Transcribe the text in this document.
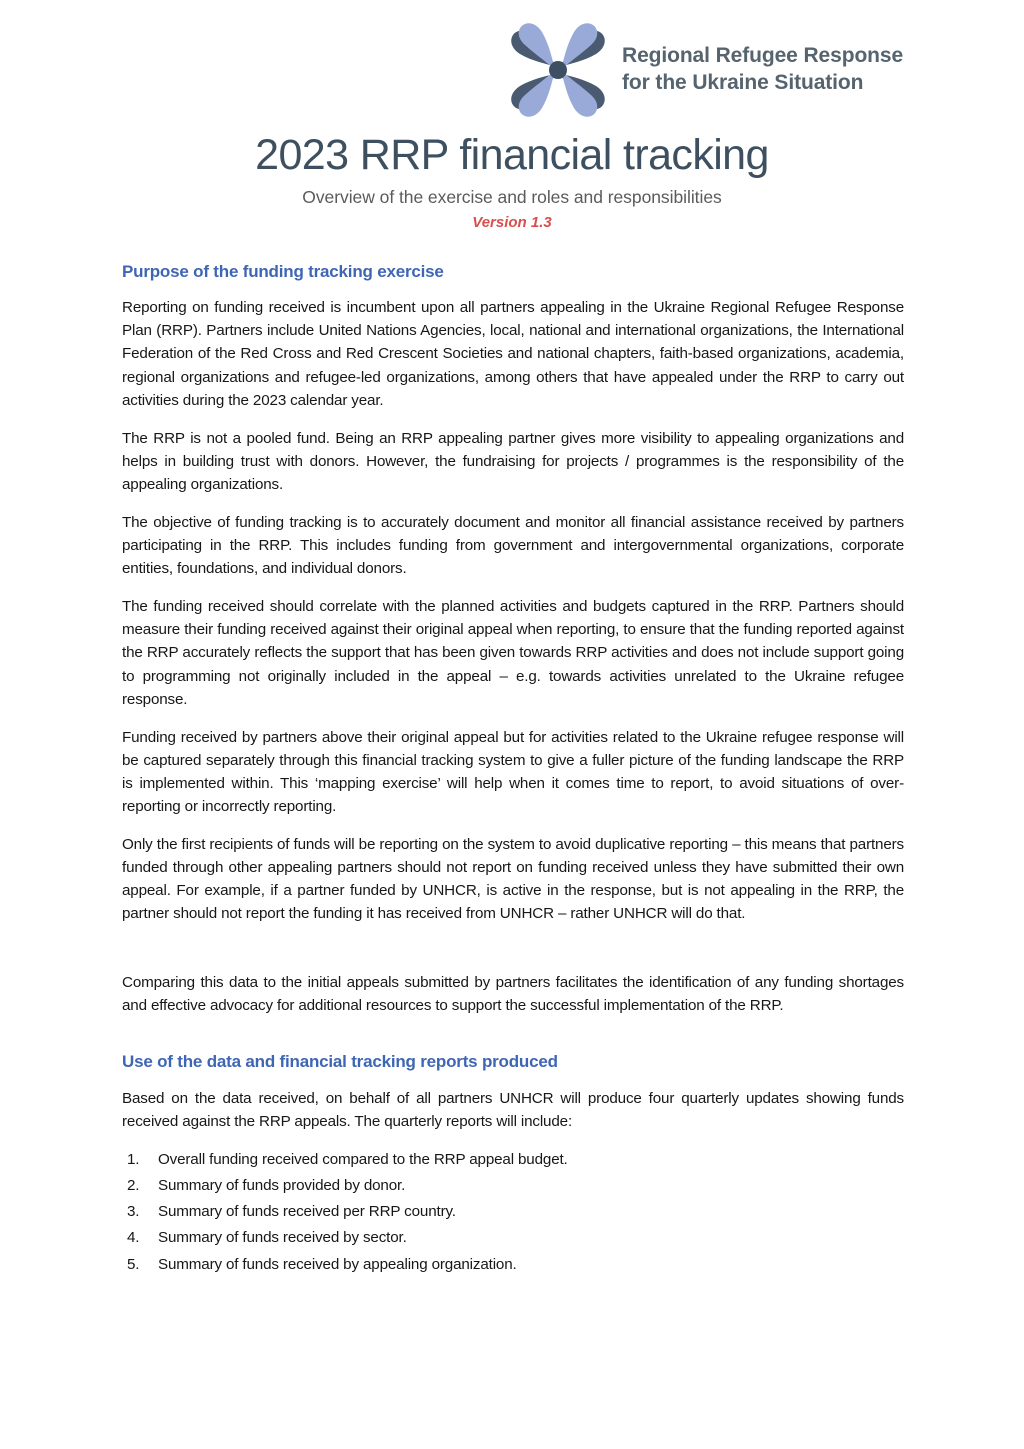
Regional Refugee Response
for the Ukraine Situation
2023 RRP financial tracking

Overview of the exercise and roles and responsibilities

Version 1.3

Purpose of the funding tracking exercise

Reporting on funding received is incumbent upon all partners appealing in the Ukraine Regional Refugee Response Plan (RRP). Partners include United Nations Agencies, local, national and international organizations, the International Federation of the Red Cross and Red Crescent Societies and national chapters, faith-based organizations, academia, regional organizations and refugee-led organizations, among others that have appealed under the RRP to carry out activities during the 2023 calendar year.

The RRP is not a pooled fund. Being an RRP appealing partner gives more visibility to appealing organizations and helps in building trust with donors. However, the fundraising for projects / programmes is the responsibility of the appealing organizations.

The objective of funding tracking is to accurately document and monitor all financial assistance received by partners participating in the RRP. This includes funding from government and intergovernmental organizations, corporate entities, foundations, and individual donors.

The funding received should correlate with the planned activities and budgets captured in the RRP. Partners should measure their funding received against their original appeal when reporting, to ensure that the funding reported against the RRP accurately reflects the support that has been given towards RRP activities and does not include support going to programming not originally included in the appeal – e.g. towards activities unrelated to the Ukraine refugee response.

Funding received by partners above their original appeal but for activities related to the Ukraine refugee response will be captured separately through this financial tracking system to give a fuller picture of the funding landscape the RRP is implemented within. This ‘mapping exercise’ will help when it comes time to report, to avoid situations of over-reporting or incorrectly reporting.

Only the first recipients of funds will be reporting on the system to avoid duplicative reporting – this means that partners funded through other appealing partners should not report on funding received unless they have submitted their own appeal. For example, if a partner funded by UNHCR, is active in the response, but is not appealing in the RRP, the partner should not report the funding it has received from UNHCR – rather UNHCR will do that.

Comparing this data to the initial appeals submitted by partners facilitates the identification of any funding shortages and effective advocacy for additional resources to support the successful implementation of the RRP.

Use of the data and financial tracking reports produced

Based on the data received, on behalf of all partners UNHCR will produce four quarterly updates showing funds received against the RRP appeals. The quarterly reports will include:

1.	Overall funding received compared to the RRP appeal budget.
2.	Summary of funds provided by donor.
3.	Summary of funds received per RRP country.
4.	Summary of funds received by sector.
5.	Summary of funds received by appealing organization.
